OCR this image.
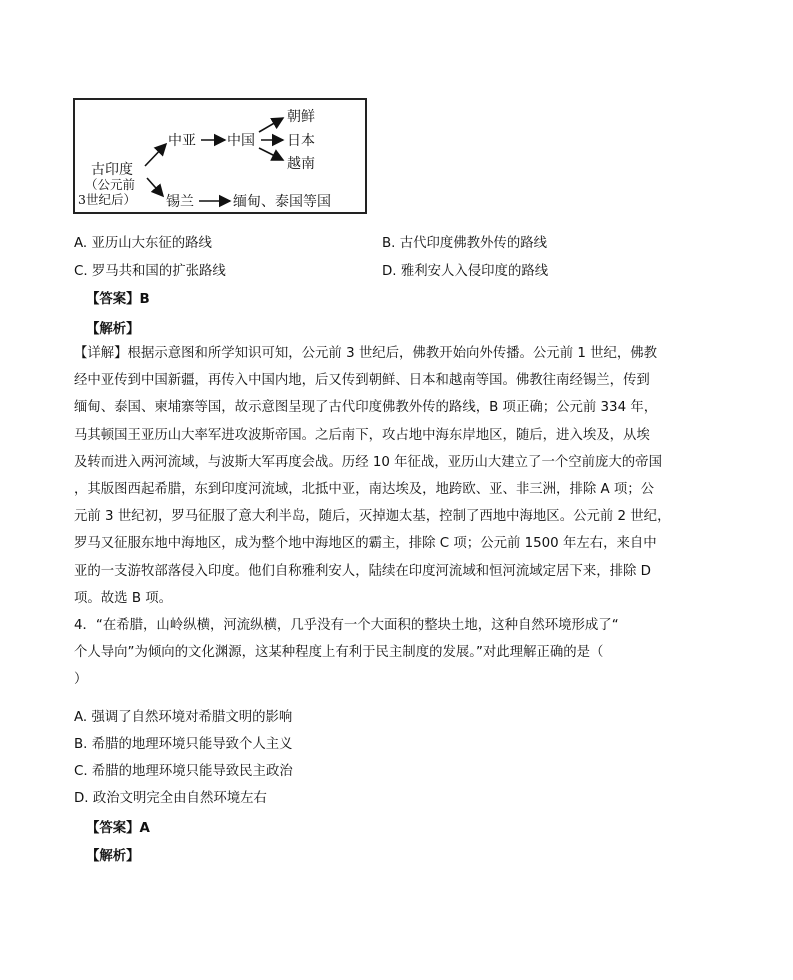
古印度
（公元前
3世纪后）
中亚 中国
朝鲜
日本
越南
锡兰	缅甸、泰国等国
A. 亚历山大东征的路线	B. 古代印度佛教外传的路线
C. 罗马共和国的扩张路线	D. 雅利安人入侵印度的路线
【答案】B
【解析】
【详解】根据示意图和所学知识可知，公元前 3 世纪后，佛教开始向外传播。公元前 1 世纪，佛教
经中亚传到中国新疆，再传入中国内地，后又传到朝鲜、日本和越南等国。佛教往南经锡兰，传到
缅甸、泰国、柬埔寨等国，故示意图呈现了古代印度佛教外传的路线，B 项正确；公元前 334 年，
马其顿国王亚历山大率军进攻波斯帝国。之后南下，攻占地中海东岸地区，随后，进入埃及，从埃
及转而进入两河流域，与波斯大军再度会战。历经 10 年征战，亚历山大建立了一个空前庞大的帝国
，其版图西起希腊，东到印度河流域，北抵中亚，南达埃及，地跨欧、亚、非三洲，排除 A 项；公
元前 3 世纪初，罗马征服了意大利半岛，随后，灭掉迦太基，控制了西地中海地区。公元前 2 世纪，
罗马又征服东地中海地区，成为整个地中海地区的霸主，排除 C 项；公元前 1500 年左右，来自中
亚的一支游牧部落侵入印度。他们自称雅利安人，陆续在印度河流域和恒河流域定居下来，排除 D
项。故选 B 项。
4．“在希腊，山岭纵横，河流纵横，几乎没有一个大面积的整块土地，这种自然环境形成了“
个人导向”为倾向的文化渊源，这某种程度上有利于民主制度的发展。”对此理解正确的是（
）
A. 强调了自然环境对希腊文明的影响
B. 希腊的地理环境只能导致个人主义
C. 希腊的地理环境只能导致民主政治
D. 政治文明完全由自然环境左右
【答案】A
【解析】
